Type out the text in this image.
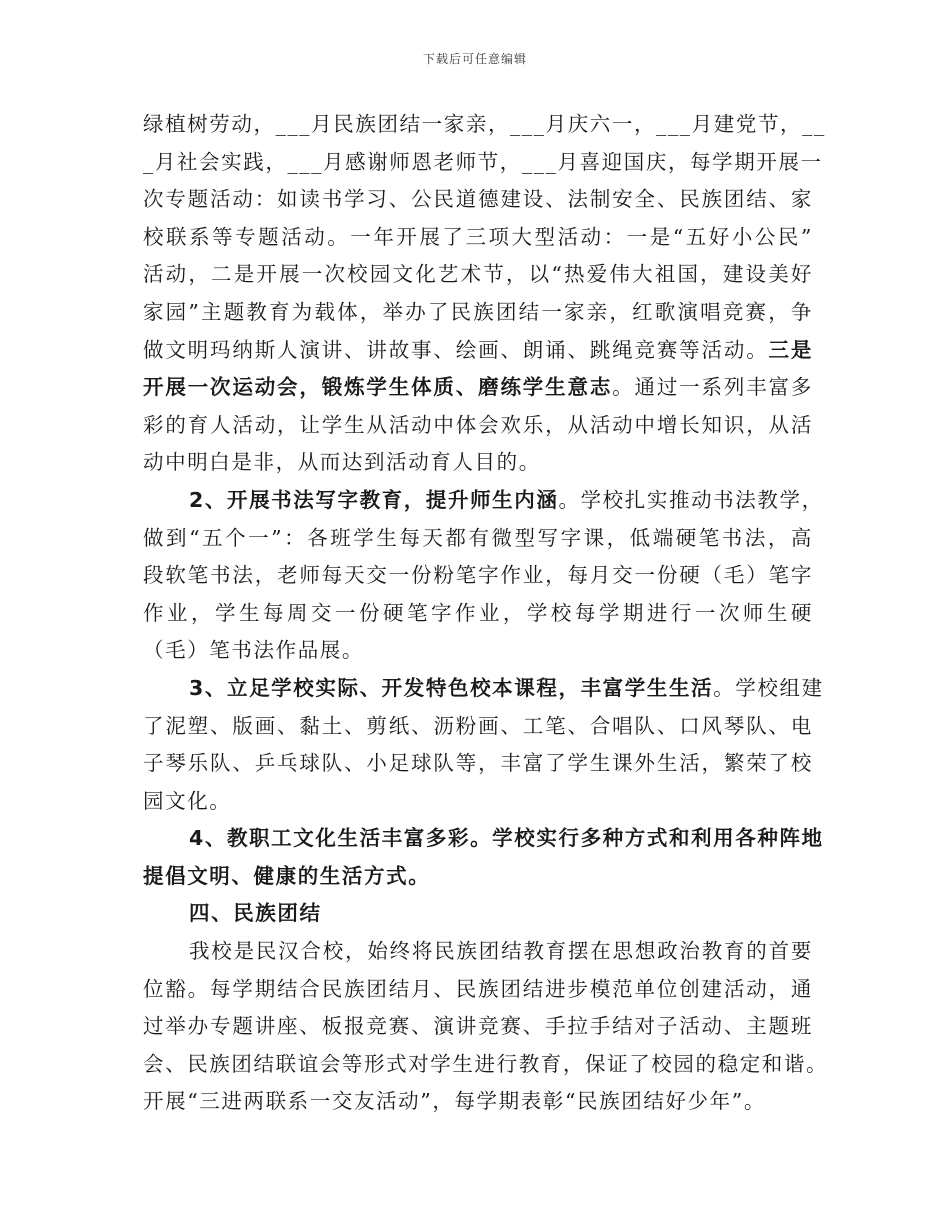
下载后可任意编辑
绿植树劳动，___月民族团结一家亲，___月庆六一，___月建党节，__
_月社会实践，___月感谢师恩老师节，___月喜迎国庆，每学期开展一
次专题活动：如读书学习、公民道德建设、法制安全、民族团结、家
校联系等专题活动。一年开展了三项大型活动：一是“五好小公民”
活动，二是开展一次校园文化艺术节，以“热爱伟大祖国，建设美好
家园”主题教育为载体，举办了民族团结一家亲，红歌演唱竞赛，争
做文明玛纳斯人演讲、讲故事、绘画、朗诵、跳绳竞赛等活动。三是
开展一次运动会，锻炼学生体质、磨练学生意志。通过一系列丰富多
彩的育人活动，让学生从活动中体会欢乐，从活动中增长知识，从活
动中明白是非，从而达到活动育人目的。
2、开展书法写字教育，提升师生内涵。学校扎实推动书法教学，
做到“五个一”：各班学生每天都有微型写字课，低端硬笔书法，高
段软笔书法，老师每天交一份粉笔字作业，每月交一份硬（毛）笔字
作业，学生每周交一份硬笔字作业，学校每学期进行一次师生硬
（毛）笔书法作品展。
3、立足学校实际、开发特色校本课程，丰富学生生活。学校组建
了泥塑、版画、黏土、剪纸、沥粉画、工笔、合唱队、口风琴队、电
子琴乐队、乒乓球队、小足球队等，丰富了学生课外生活，繁荣了校
园文化。
4、教职工文化生活丰富多彩。学校实行多种方式和利用各种阵地
提倡文明、健康的生活方式。
四、民族团结
我校是民汉合校，始终将民族团结教育摆在思想政治教育的首要
位豁。每学期结合民族团结月、民族团结进步模范单位创建活动，通
过举办专题讲座、板报竞赛、演讲竞赛、手拉手结对子活动、主题班
会、民族团结联谊会等形式对学生进行教育，保证了校园的稳定和谐。
开展“三进两联系一交友活动”，每学期表彰“民族团结好少年”。
